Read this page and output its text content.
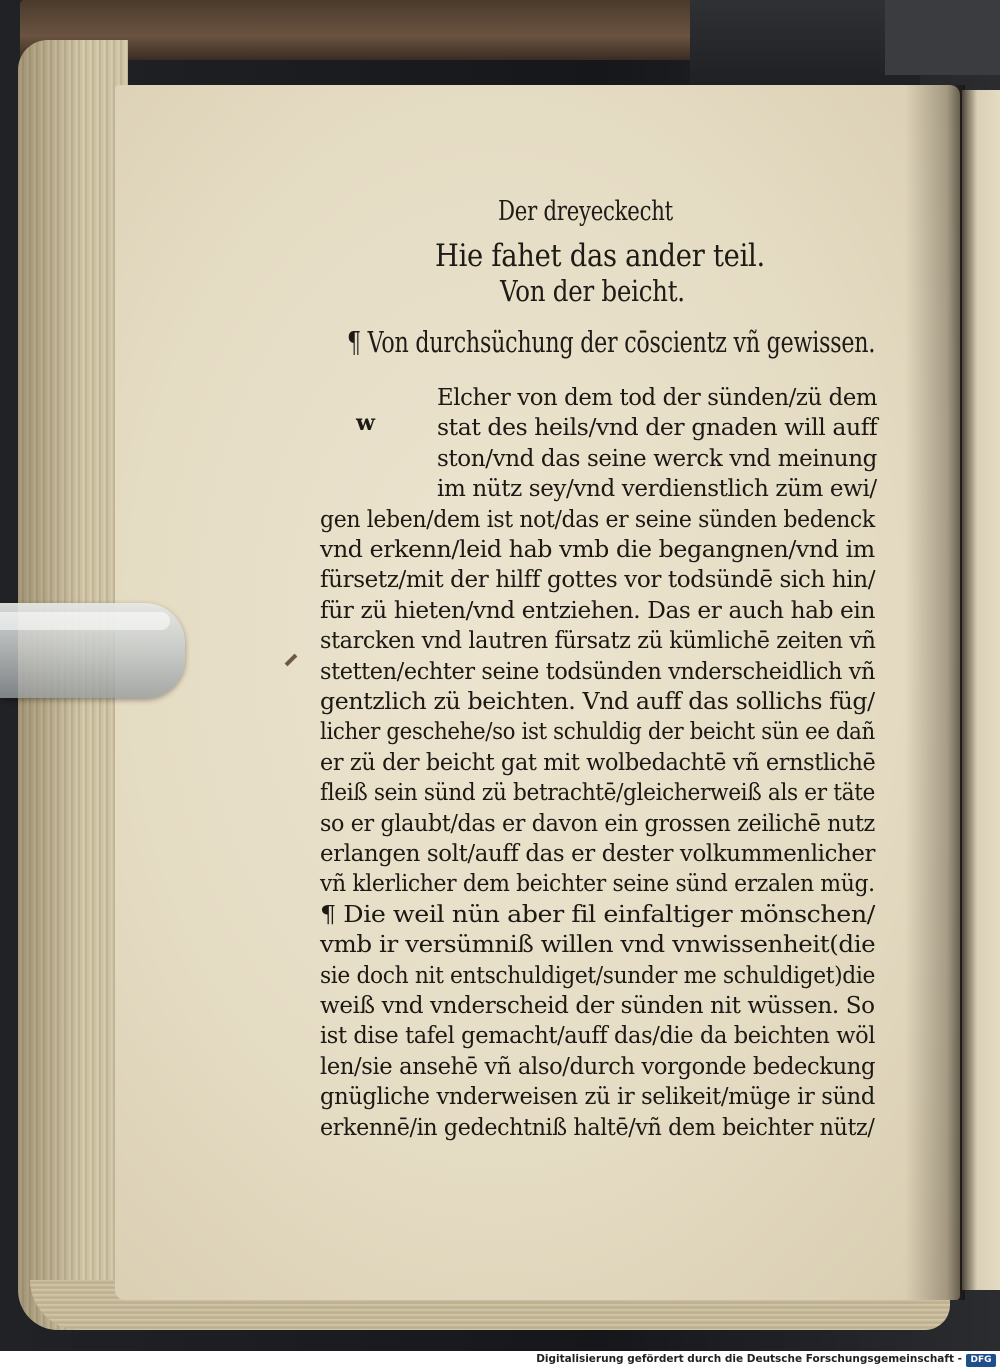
Der dreyeckecht
Hie fahet das ander teil.
Von der beicht.
¶ Von durchsüchung der cōscientz vñ gewissen.
w
Elcher von dem tod der sünden/zü dem
stat des heils/vnd der gnaden will auff
ston/vnd das seine werck vnd meinung
im nütz sey/vnd verdienstlich züm ewi/
gen leben/dem ist not/das er seine sünden bedenck
vnd erkenn/leid hab vmb die begangnen/vnd im
fürsetz/mit der hilff gottes vor todsündē sich hin/
für zü hieten/vnd entziehen. Das er auch hab ein
starcken vnd lautren fürsatz zü kümlichē zeiten vñ
stetten/echter seine todsünden vnderscheidlich vñ
gentzlich zü beichten. Vnd auff das sollichs füg/
licher geschehe/so ist schuldig der beicht sün ee dañ
er zü der beicht gat mit wolbedachtē vñ ernstlichē
fleiß sein sünd zü betrachtē/gleicherweiß als er täte
so er glaubt/das er davon ein grossen zeilichē nutz
erlangen solt/auff das er dester volkummenlicher
vñ klerlicher dem beichter seine sünd erzalen müg.
¶ Die weil nün aber fil einfaltiger mönschen/
vmb ir versümniß willen vnd vnwissenheit(die
sie doch nit entschuldiget/sunder me schuldiget)die
weiß vnd vnderscheid der sünden nit wüssen. So
ist dise tafel gemacht/auff das/die da beichten wöl
len/sie ansehē vñ also/durch vorgonde bedeckung
gnügliche vnderweisen zü ir selikeit/müge ir sünd
erkennē/in gedechtniß haltē/vñ dem beichter nütz/
Digitalisierung gefördert durch die Deutsche Forschungsgemeinschaft - DFG
